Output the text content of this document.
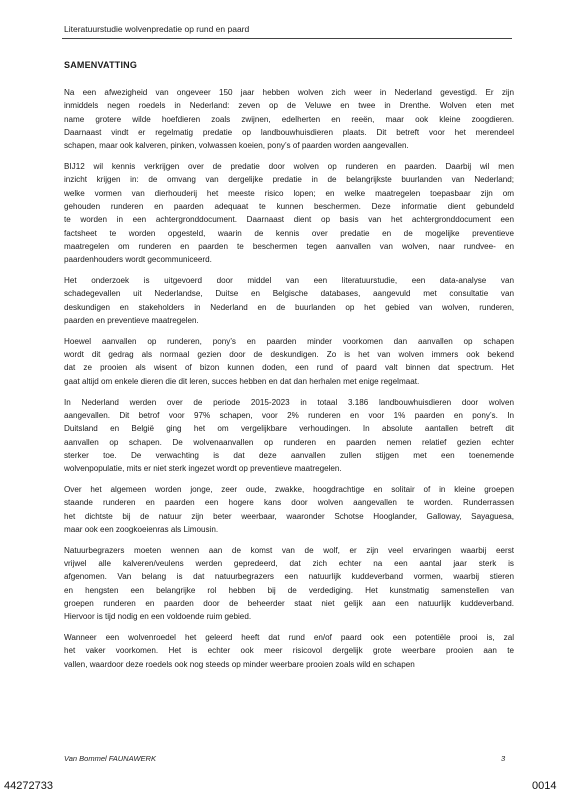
Literatuurstudie wolvenpredatie op rund en paard
SAMENVATTING

Na een afwezigheid van ongeveer 150 jaar hebben wolven zich weer in Nederland gevestigd. Er zijn
inmiddels negen roedels in Nederland: zeven op de Veluwe en twee in Drenthe. Wolven eten met
name grotere wilde hoefdieren zoals zwijnen, edelherten en reeën, maar ook kleine zoogdieren.
Daarnaast vindt er regelmatig predatie op landbouwhuisdieren plaats. Dit betreft voor het merendeel
schapen, maar ook kalveren, pinken, volwassen koeien, pony’s of paarden worden aangevallen.

BIJ12 wil kennis verkrijgen over de predatie door wolven op runderen en paarden. Daarbij wil men
inzicht krijgen in: de omvang van dergelijke predatie in de belangrijkste buurlanden van Nederland;
welke vormen van dierhouderij het meeste risico lopen; en welke maatregelen toepasbaar zijn om
gehouden runderen en paarden adequaat te kunnen beschermen. Deze informatie dient gebundeld
te worden in een achtergronddocument. Daarnaast dient op basis van het achtergronddocument een
factsheet te worden opgesteld, waarin de kennis over predatie en de mogelijke preventieve
maatregelen om runderen en paarden te beschermen tegen aanvallen van wolven, naar rundvee- en
paardenhouders wordt gecommuniceerd.

Het onderzoek is uitgevoerd door middel van een literatuurstudie, een data-analyse van
schadegevallen uit Nederlandse, Duitse en Belgische databases, aangevuld met consultatie van
deskundigen en stakeholders in Nederland en de buurlanden op het gebied van wolven, runderen,
paarden en preventieve maatregelen.

Hoewel aanvallen op runderen, pony’s en paarden minder voorkomen dan aanvallen op schapen
wordt dit gedrag als normaal gezien door de deskundigen. Zo is het van wolven immers ook bekend
dat ze prooien als wisent of bizon kunnen doden, een rund of paard valt binnen dat spectrum. Het
gaat altijd om enkele dieren die dit leren, succes hebben en dat dan herhalen met enige regelmaat.

In Nederland werden over de periode 2015-2023 in totaal 3.186 landbouwhuisdieren door wolven
aangevallen. Dit betrof voor 97% schapen, voor 2% runderen en voor 1% paarden en pony’s. In
Duitsland en België ging het om vergelijkbare verhoudingen. In absolute aantallen betreft dit
aanvallen op schapen. De wolvenaanvallen op runderen en paarden nemen relatief gezien echter
sterker toe. De verwachting is dat deze aanvallen zullen stijgen met een toenemende
wolvenpopulatie, mits er niet sterk ingezet wordt op preventieve maatregelen.

Over het algemeen worden jonge, zeer oude, zwakke, hoogdrachtige en solitair of in kleine groepen
staande runderen en paarden een hogere kans door wolven aangevallen te worden. Runderrassen
het dichtste bij de natuur zijn beter weerbaar, waaronder Schotse Hooglander, Galloway, Sayaguesa,
maar ook een zoogkoeienras als Limousin.

Natuurbegrazers moeten wennen aan de komst van de wolf, er zijn veel ervaringen waarbij eerst
vrijwel alle kalveren/veulens werden gepredeerd, dat zich echter na een aantal jaar sterk is
afgenomen. Van belang is dat natuurbegrazers een natuurlijk kuddeverband vormen, waarbij stieren
en hengsten een belangrijke rol hebben bij de verdediging. Het kunstmatig samenstellen van
groepen runderen en paarden door de beheerder staat niet gelijk aan een natuurlijk kuddeverband.
Hiervoor is tijd nodig en een voldoende ruim gebied.

Wanneer een wolvenroedel het geleerd heeft dat rund en/of paard ook een potentiële prooi is, zal
het vaker voorkomen. Het is echter ook meer risicovol dergelijk grote weerbare prooien aan te
vallen, waardoor deze roedels ook nog steeds op minder weerbare prooien zoals wild en schapen

Van Bommel FAUNAWERK	3
44272733	0014
